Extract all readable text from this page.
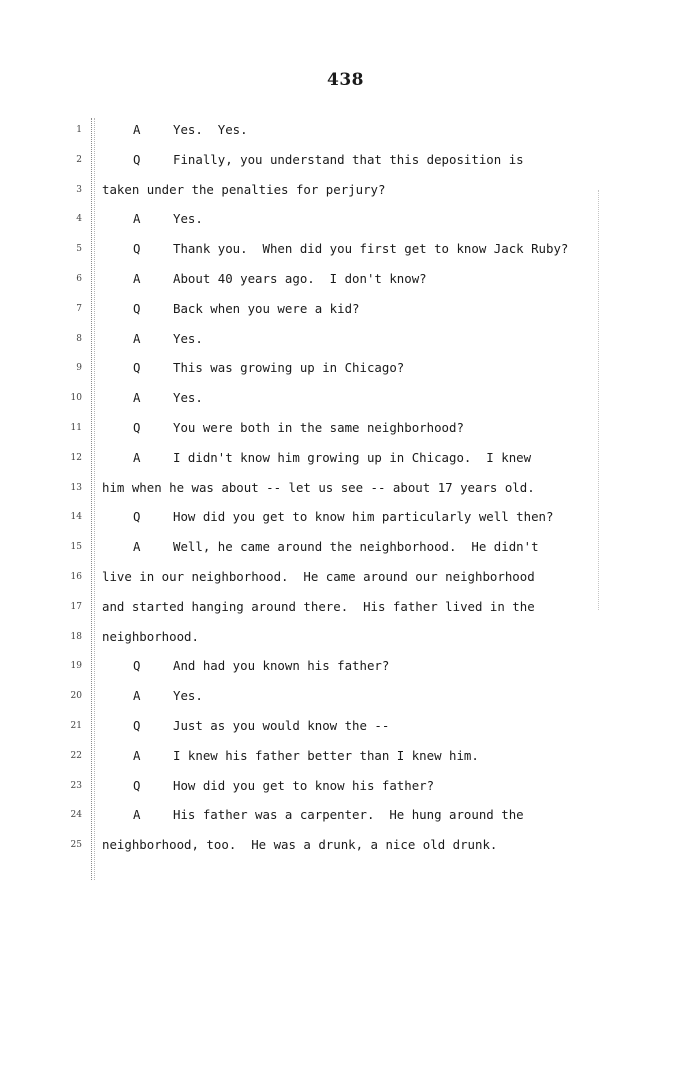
438
1	A	Yes.  Yes.
2	Q	Finally, you understand that this deposition is
3 taken under the penalties for perjury?
4	A	Yes.
5	Q	Thank you.  When did you first get to know Jack Ruby?
6	A	About 40 years ago.  I don't know?
7	Q	Back when you were a kid?
8	A	Yes.
9	Q	This was growing up in Chicago?
10	A	Yes.
11	Q	You were both in the same neighborhood?
12	A	I didn't know him growing up in Chicago.  I knew
13 him when he was about -- let us see -- about 17 years old.
14	Q	How did you get to know him particularly well then?
15	A	Well, he came around the neighborhood.  He didn't
16 live in our neighborhood.  He came around our neighborhood
17 and started hanging around there.  His father lived in the
18 neighborhood.
19	Q	And had you known his father?
20	A	Yes.
21	Q	Just as you would know the --
22	A	I knew his father better than I knew him.
23	Q	How did you get to know his father?
24	A	His father was a carpenter.  He hung around the
25 neighborhood, too.  He was a drunk, a nice old drunk.
